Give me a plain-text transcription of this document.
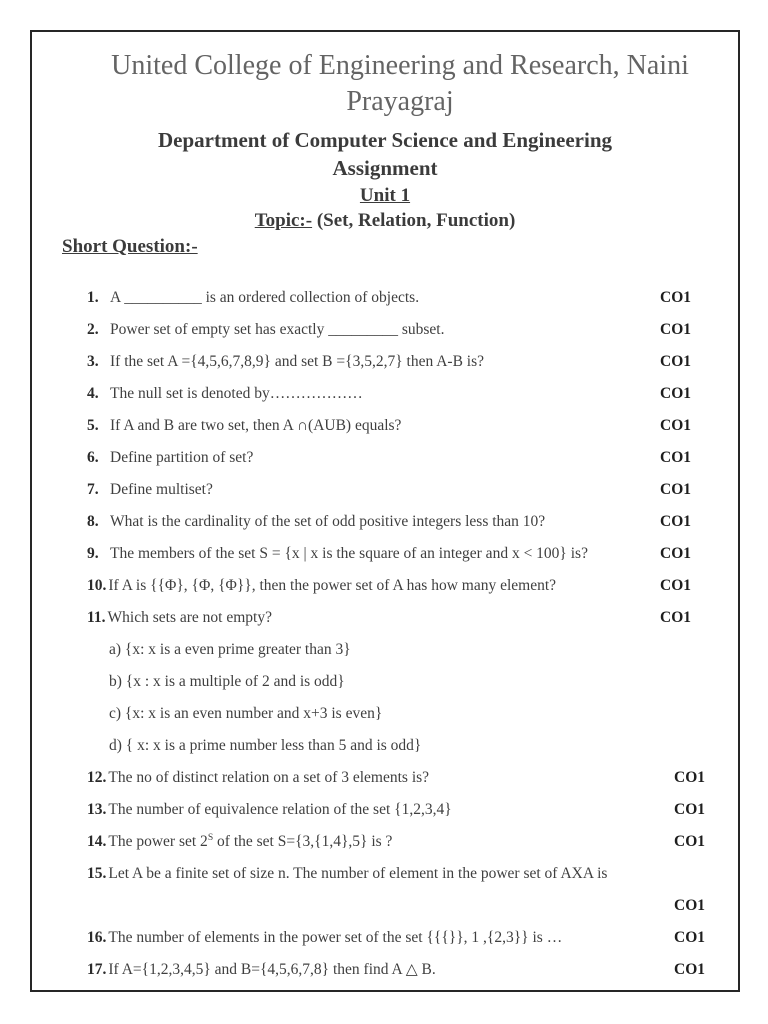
United College of Engineering and Research, Naini Prayagraj
Department of Computer Science and Engineering
Assignment
Unit 1
Topic:- (Set, Relation, Function)
Short Question:-
1. A __________ is an ordered collection of objects.	CO1
2. Power set of empty set has exactly _________ subset.	CO1
3. If the set A ={4,5,6,7,8,9} and set B ={3,5,2,7} then A-B is?	CO1
4. The null set is denoted by………………	CO1
5. If A and B are two set, then A ∩(AUB) equals?	CO1
6. Define partition of set?	CO1
7. Define multiset?	CO1
8. What is the cardinality of the set of odd positive integers less than 10?	CO1
9. The members of the set S = {x | x is the square of an integer and x < 100} is?	CO1
10. If A is {{Φ}, {Φ, {Φ}}, then the power set of A has how many element?	CO1
11. Which sets are not empty?	CO1
a) {x: x is a even prime greater than 3}
b) {x : x is a multiple of 2 and is odd}
c) {x: x is an even number and x+3 is even}
d) { x: x is a prime number less than 5 and is odd}
12. The no of distinct relation on a set of 3 elements is?	CO1
13. The number of equivalence relation of the set {1,2,3,4}	CO1
14. The power set $2^S$ of the set S={3,{1,4},5} is ?	CO1
15. Let A be a finite set of size n. The number of element in the power set of AXA is
CO1
16. The number of elements in the power set of the set {{{}}, 1 ,{2,3}} is …	CO1
17. If A={1,2,3,4,5} and B={4,5,6,7,8} then find A △ B.	CO1
